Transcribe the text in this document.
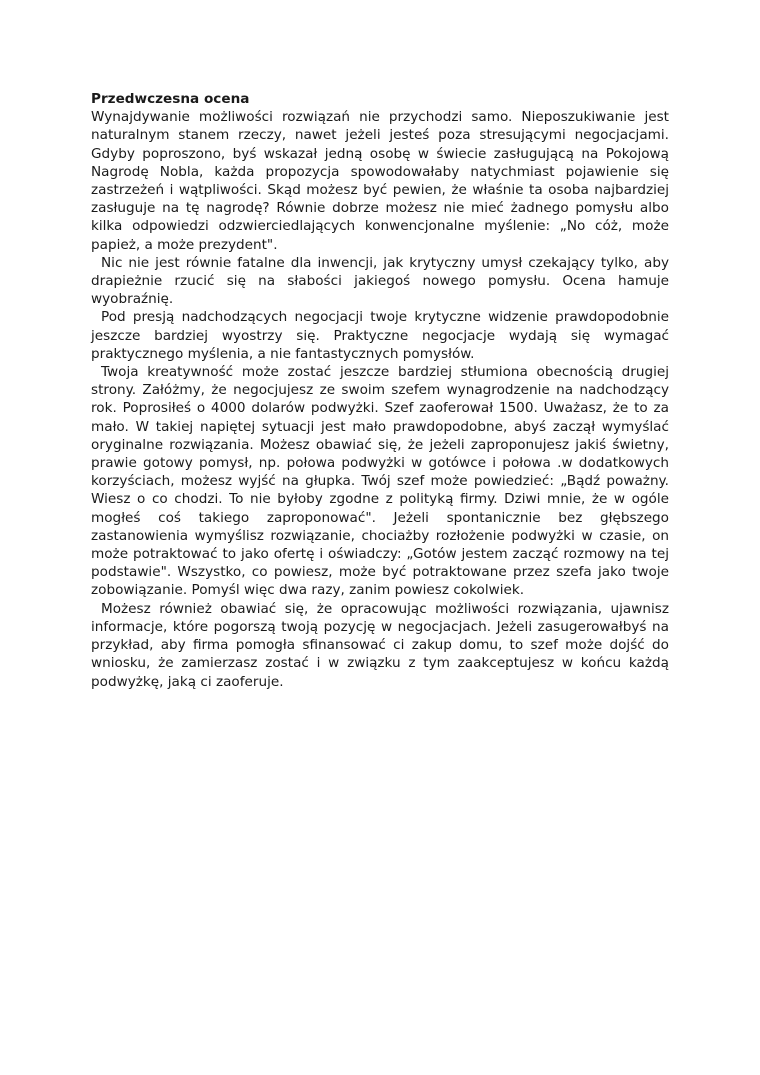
Przedwczesna ocena

Wynajdywanie możliwości rozwiązań nie przychodzi samo. Nieposzukiwanie jest naturalnym stanem rzeczy, nawet jeżeli jesteś poza stresującymi negocjacjami. Gdyby poproszono, byś wskazał jedną osobę w świecie zasługującą na Pokojową Nagrodę Nobla, każda propozycja spowodowałaby natychmiast pojawienie się zastrzeżeń i wątpliwości. Skąd możesz być pewien, że właśnie ta osoba najbardziej zasługuje na tę nagrodę? Równie dobrze możesz nie mieć żadnego pomysłu albo kilka odpowiedzi odzwierciedlających konwencjonalne myślenie: „No cóż, może papież, a może prezydent".

Nic nie jest równie fatalne dla inwencji, jak krytyczny umysł czekający tylko, aby drapieżnie rzucić się na słabości jakiegoś nowego pomysłu. Ocena hamuje wyobraźnię.

Pod presją nadchodzących negocjacji twoje krytyczne widzenie prawdopodobnie jeszcze bardziej wyostrzy się. Praktyczne negocjacje wydają się wymagać praktycznego myślenia, a nie fantastycznych pomysłów.

Twoja kreatywność może zostać jeszcze bardziej stłumiona obecnością drugiej strony. Załóżmy, że negocjujesz ze swoim szefem wynagrodzenie na nadchodzący rok. Poprosiłeś o 4000 dolarów podwyżki. Szef zaoferował 1500. Uważasz, że to za mało. W takiej napiętej sytuacji jest mało prawdopodobne, abyś zaczął wymyślać oryginalne rozwiązania. Możesz obawiać się, że jeżeli zaproponujesz jakiś świetny, prawie gotowy pomysł, np. połowa podwyżki w gotówce i połowa .w dodatkowych korzyściach, możesz wyjść na głupka. Twój szef może powiedzieć: „Bądź poważny. Wiesz o co chodzi. To nie byłoby zgodne z polityką firmy. Dziwi mnie, że w ogóle mogłeś coś takiego zaproponować". Jeżeli spontanicznie bez głębszego zastanowienia wymyślisz rozwiązanie, chociażby rozłożenie podwyżki w czasie, on może potraktować to jako ofertę i oświadczy: „Gotów jestem zacząć rozmowy na tej podstawie". Wszystko, co powiesz, może być potraktowane przez szefa jako twoje zobowiązanie. Pomyśl więc dwa razy, zanim powiesz cokolwiek.

Możesz również obawiać się, że opracowując możliwości rozwiązania, ujawnisz informacje, które pogorszą twoją pozycję w negocjacjach. Jeżeli zasugerowałbyś na przykład, aby firma pomogła sfinansować ci zakup domu, to szef może dojść do wniosku, że zamierzasz zostać i w związku z tym zaakceptujesz w końcu każdą podwyżkę, jaką ci zaoferuje.
